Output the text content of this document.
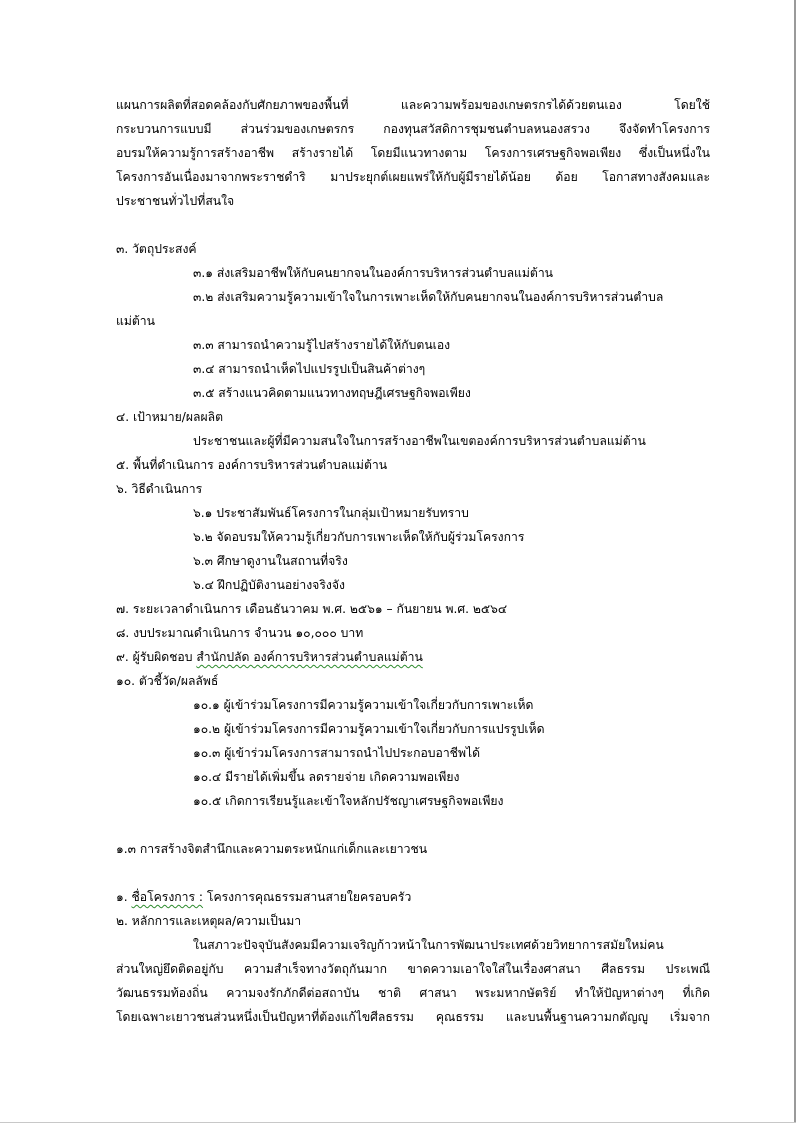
แผนการผลิตที่สอดคล้องกับศักยภาพของพื้นที่ และความพร้อมของเกษตรกรได้ด้วยตนเอง โดยใช้
กระบวนการแบบมี ส่วนร่วมของเกษตรกร กองทุนสวัสดิการชุมชนตำบลหนองสรวง จึงจัดทำโครงการ
อบรมให้ความรู้การสร้างอาชีพ สร้างรายได้ โดยมีแนวทางตาม โครงการเศรษฐกิจพอเพียง ซึ่งเป็นหนึ่งใน
โครงการอันเนื่องมาจากพระราชดำริ มาประยุกต์เผยแพร่ให้กับผู้มีรายได้น้อย ด้อย โอกาสทางสังคมและ
ประชาชนทั่วไปที่สนใจ
๓. วัตถุประสงค์
๓.๑ ส่งเสริมอาชีพให้กับคนยากจนในองค์การบริหารส่วนตำบลแม่ต้าน
๓.๒ ส่งเสริมความรู้ความเข้าใจในการเพาะเห็ดให้กับคนยากจนในองค์การบริหารส่วนตำบล
แม่ต้าน
๓.๓ สามารถนำความรู้ไปสร้างรายได้ให้กับตนเอง
๓.๔ สามารถนำเห็ดไปแปรรูปเป็นสินค้าต่างๆ
๓.๕ สร้างแนวคิดตามแนวทางทฤษฎีเศรษฐกิจพอเพียง
๔. เป้าหมาย/ผลผลิต
ประชาชนและผู้ที่มีความสนใจในการสร้างอาชีพในเขตองค์การบริหารส่วนตำบลแม่ต้าน
๕. พื้นที่ดำเนินการ องค์การบริหารส่วนตำบลแม่ต้าน
๖. วิธีดำเนินการ
๖.๑ ประชาสัมพันธ์โครงการในกลุ่มเป้าหมายรับทราบ
๖.๒ จัดอบรมให้ความรู้เกี่ยวกับการเพาะเห็ดให้กับผู้ร่วมโครงการ
๖.๓ ศึกษาดูงานในสถานที่จริง
๖.๔ ฝึกปฏิบัติงานอย่างจริงจัง
๗. ระยะเวลาดำเนินการ เดือนธันวาคม พ.ศ. ๒๕๖๑ – กันยายน พ.ศ. ๒๕๖๔
๘. งบประมาณดำเนินการ จำนวน ๑๐,๐๐๐ บาท
๙. ผู้รับผิดชอบ สำนักปลัด องค์การบริหารส่วนตำบลแม่ต้าน
๑๐. ตัวชี้วัด/ผลลัพธ์
๑๐.๑ ผู้เข้าร่วมโครงการมีความรู้ความเข้าใจเกี่ยวกับการเพาะเห็ด
๑๐.๒ ผู้เข้าร่วมโครงการมีความรู้ความเข้าใจเกี่ยวกับการแปรรูปเห็ด
๑๐.๓ ผู้เข้าร่วมโครงการสามารถนำไปประกอบอาชีพได้
๑๐.๔ มีรายได้เพิ่มขึ้น ลดรายจ่าย เกิดความพอเพียง
๑๐.๕ เกิดการเรียนรู้และเข้าใจหลักปรัชญาเศรษฐกิจพอเพียง
๑.๓ การสร้างจิตสำนึกและความตระหนักแก่เด็กและเยาวชน
๑. ชื่อโครงการ : โครงการคุณธรรมสานสายใยครอบครัว
๒. หลักการและเหตุผล/ความเป็นมา
ในสภาวะปัจจุบันสังคมมีความเจริญก้าวหน้าในการพัฒนาประเทศด้วยวิทยาการสมัยใหม่คน
ส่วนใหญ่ยึดติดอยู่กับ ความสำเร็จทางวัตถุกันมาก ขาดความเอาใจใส่ในเรื่องศาสนา ศีลธรรม ประเพณี
วัฒนธรรมท้องถิ่น ความจงรักภักดีต่อสถาบัน ชาติ ศาสนา พระมหากษัตริย์ ทำให้ปัญหาต่างๆ ที่เกิด
โดยเฉพาะเยาวชนส่วนหนึ่งเป็นปัญหาที่ต้องแก้ไขศีลธรรม คุณธรรม และบนพื้นฐานความกตัญญู เริ่มจาก
